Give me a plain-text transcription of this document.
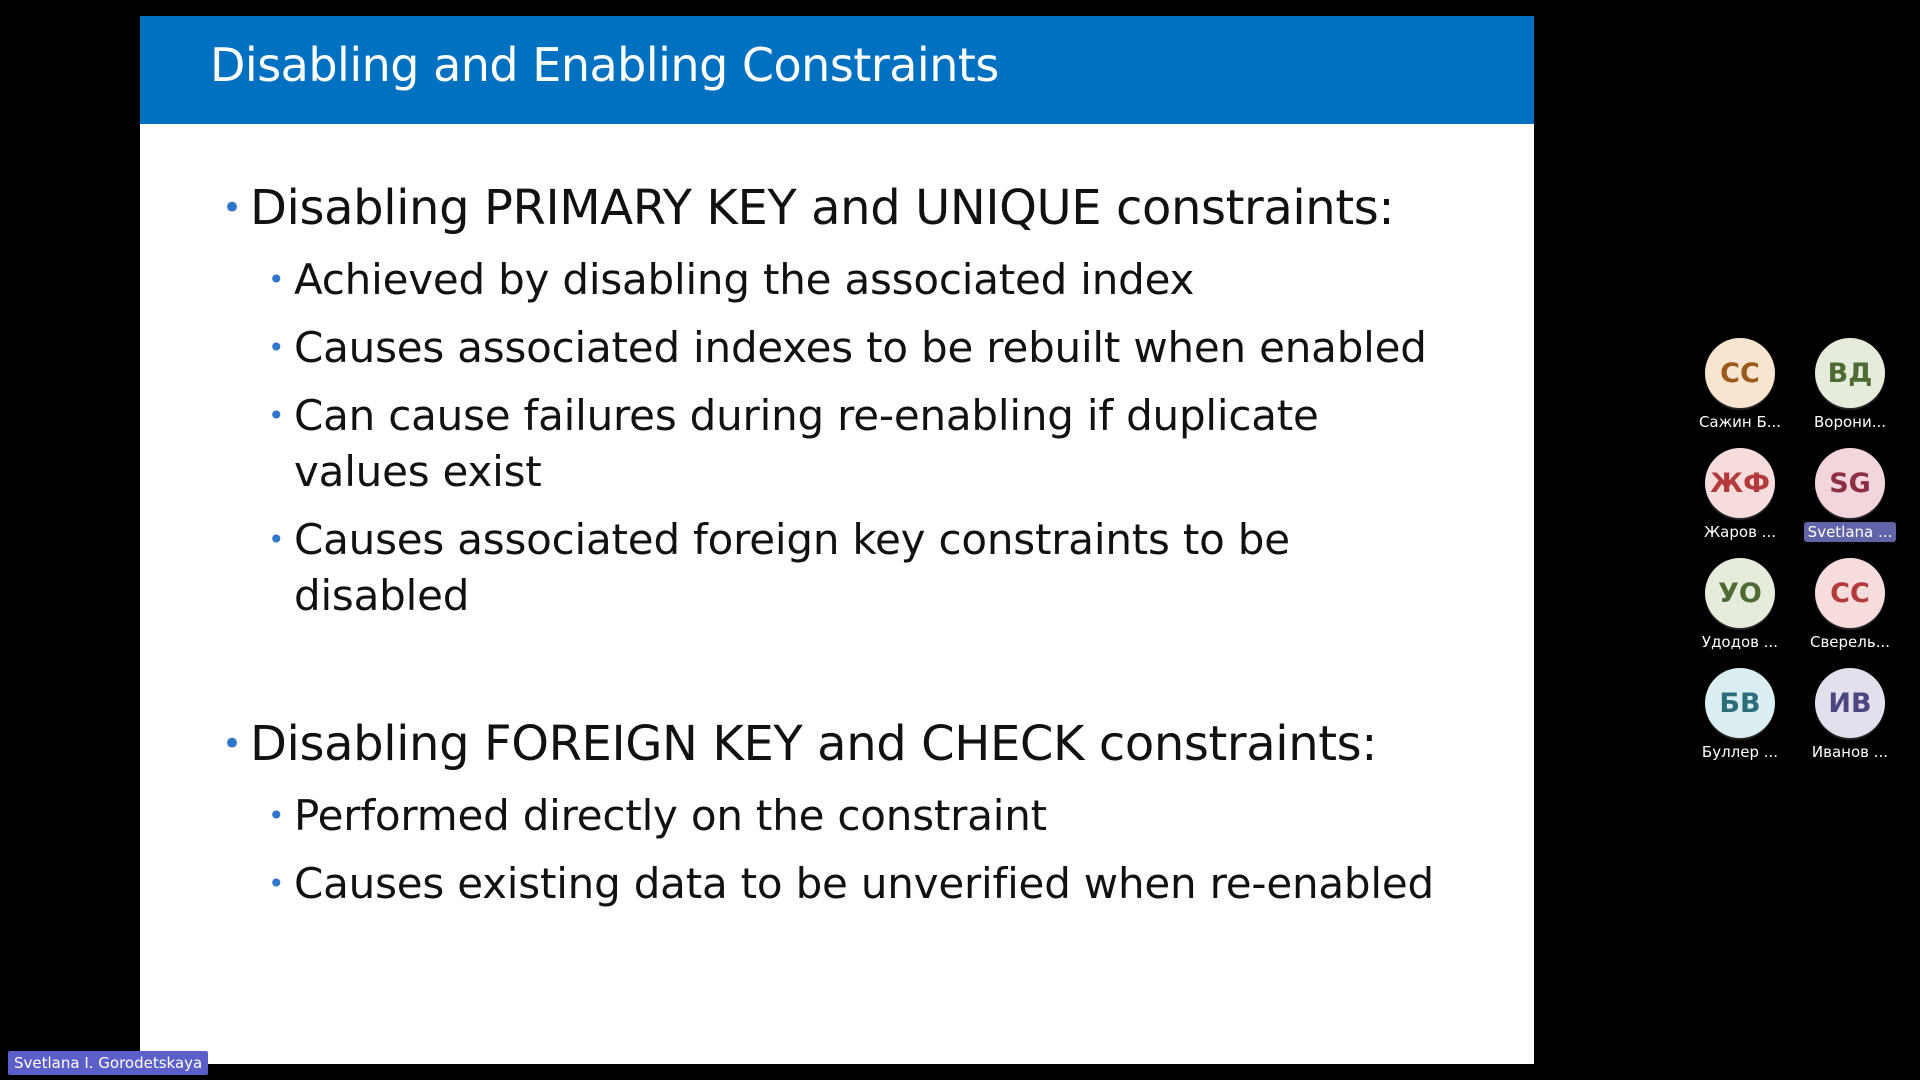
Disabling and Enabling Constraints
• Disabling PRIMARY KEY and UNIQUE constraints:
• Achieved by disabling the associated index
• Causes associated indexes to be rebuilt when enabled
• Can cause failures during re-enabling if duplicate values exist
• Causes associated foreign key constraints to be disabled
• Disabling FOREIGN KEY and CHECK constraints:
• Performed directly on the constraint
• Causes existing data to be unverified when re-enabled
СС
Сажин Б...
ВД
Ворони...
ЖФ
Жаров ...
SG
Svetlana ...
УО
Удодов ...
СС
Сверель...
БВ
Буллер ...
ИВ
Иванов ...
Svetlana I. Gorodetskaya
